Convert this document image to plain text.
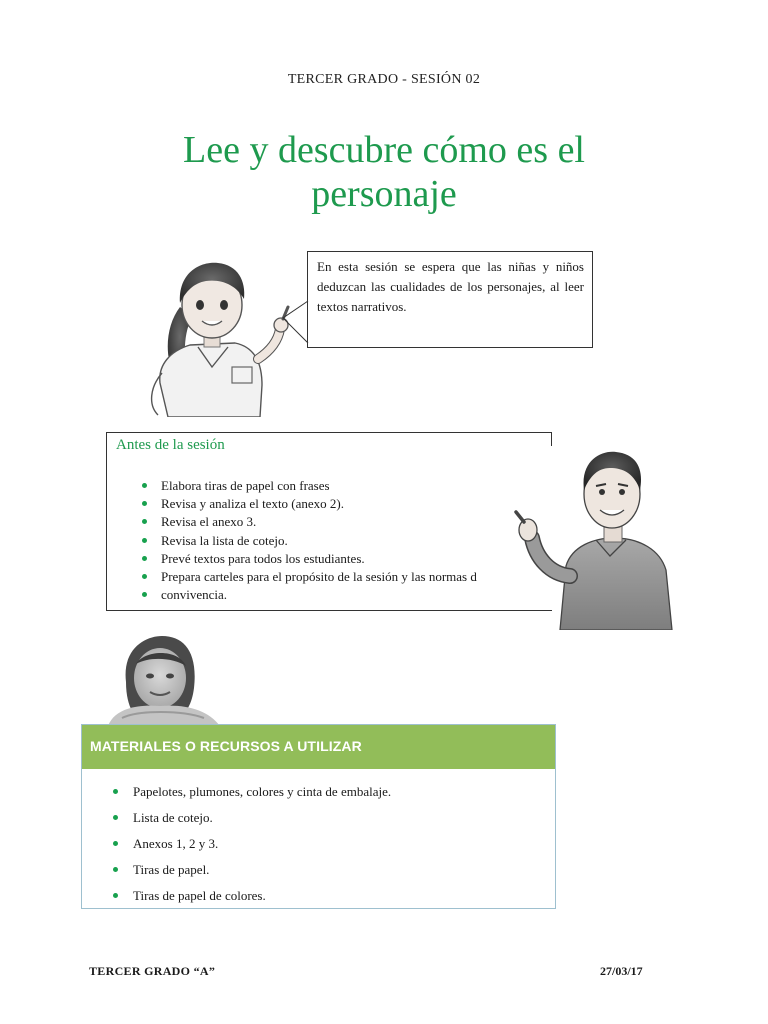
TERCER GRADO - SESIÓN 02
Lee y descubre cómo es el
personaje
En esta sesión se espera que las niñas y niños deduzcan las cualidades de los personajes, al leer textos narrativos.
Antes de la sesión
Elabora tiras de papel con frases
Revisa y analiza el texto (anexo 2).
Revisa el anexo 3.
Revisa la lista de cotejo.
Prevé textos para todos los estudiantes.
Prepara carteles para el propósito de la sesión y las normas d
convivencia.
MATERIALES O RECURSOS A UTILIZAR
Papelotes, plumones, colores y cinta de embalaje.
Lista de cotejo.
Anexos 1, 2 y 3.
Tiras de papel.
Tiras de papel de colores.
TERCER GRADO “A”	27/03/17
